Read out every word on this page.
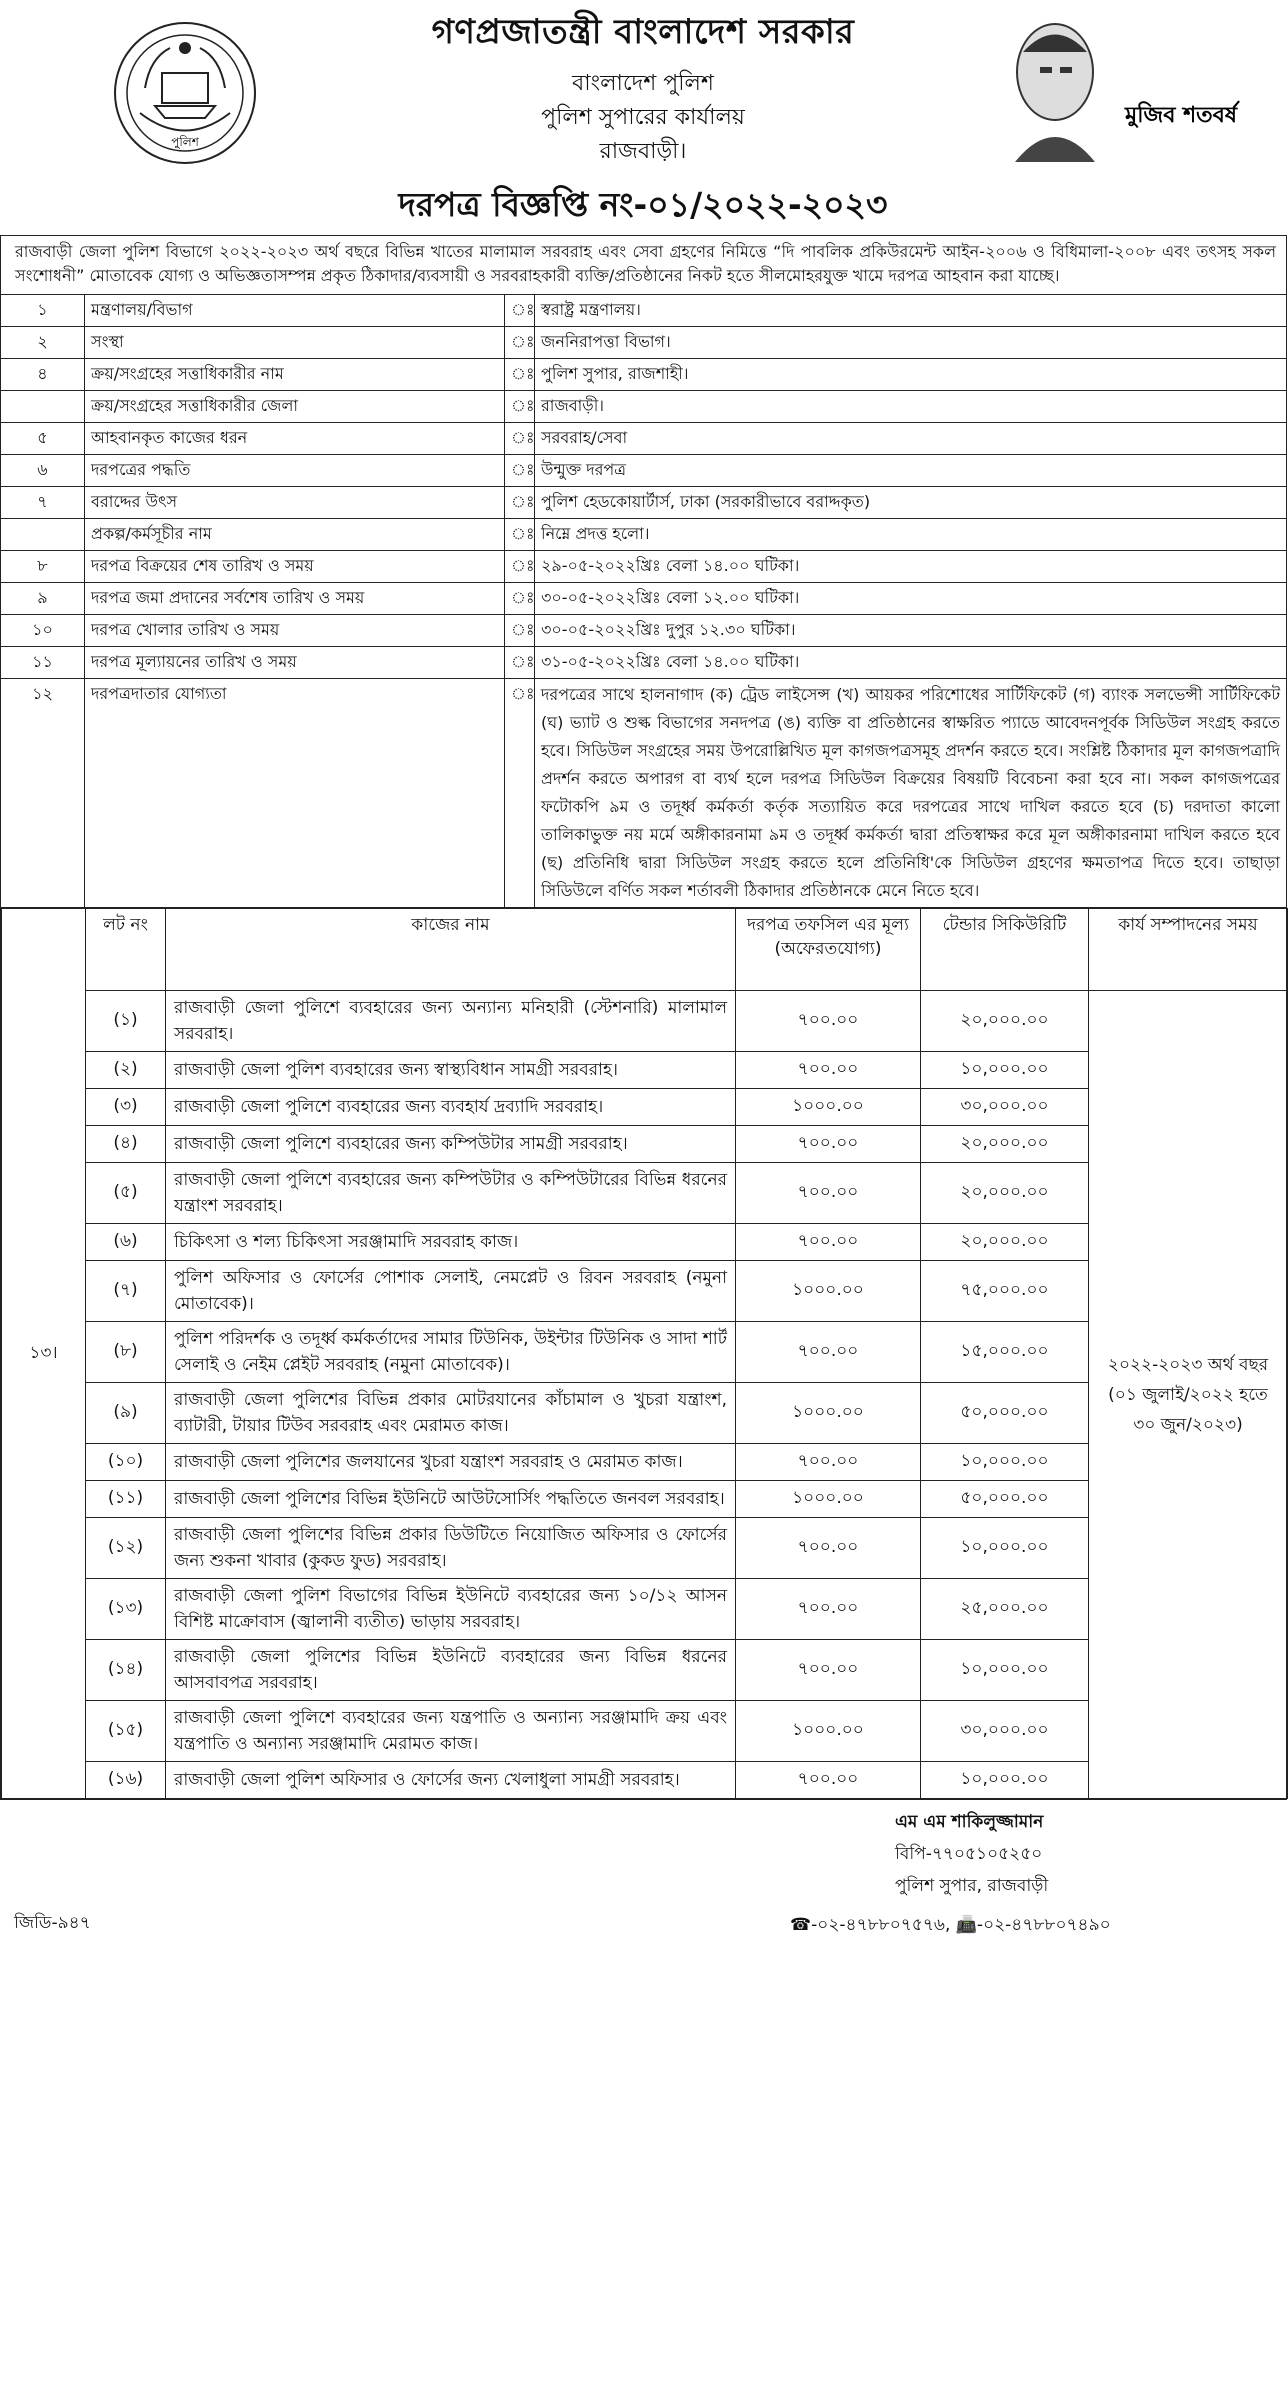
পুলিশ
গণপ্রজাতন্ত্রী বাংলাদেশ সরকার
বাংলাদেশ পুলিশ
পুলিশ সুপারের কার্যালয়
রাজবাড়ী।
মুজিব শতবর্ষ
দরপত্র বিজ্ঞপ্তি নং-০১/২০২২-২০২৩
রাজবাড়ী জেলা পুলিশ বিভাগে ২০২২-২০২৩ অর্থ বছরে বিভিন্ন খাতের মালামাল সরবরাহ এবং সেবা গ্রহণের নিমিত্তে “দি পাবলিক প্রকিউরমেন্ট আইন-২০০৬ ও বিধিমালা-২০০৮ এবং তৎসহ সকল সংশোধনী” মোতাবেক যোগ্য ও অভিজ্ঞতাসম্পন্ন প্রকৃত ঠিকাদার/ব্যবসায়ী ও সরবরাহকারী ব্যক্তি/প্রতিষ্ঠানের নিকট হতে সীলমোহরযুক্ত খামে দরপত্র আহবান করা যাচ্ছে।
১	মন্ত্রণালয়/বিভাগ	ঃ	স্বরাষ্ট্র মন্ত্রণালয়।
২	সংস্থা	ঃ	জননিরাপত্তা বিভাগ।
৪	ক্রয়/সংগ্রহের সত্তাধিকারীর নাম	ঃ	পুলিশ সুপার, রাজশাহী।
	ক্রয়/সংগ্রহের সত্তাধিকারীর জেলা	ঃ	রাজবাড়ী।
৫	আহবানকৃত কাজের ধরন	ঃ	সরবরাহ/সেবা
৬	দরপত্রের পদ্ধতি	ঃ	উন্মুক্ত দরপত্র
৭	বরাদ্দের উৎস	ঃ	পুলিশ হেডকোয়ার্টার্স, ঢাকা (সরকারীভাবে বরাদ্দকৃত)
	প্রকল্প/কর্মসূচীর নাম	ঃ	নিম্নে প্রদত্ত হলো।
৮	দরপত্র বিক্রয়ের শেষ তারিখ ও সময়	ঃ	২৯-০৫-২০২২খ্রিঃ বেলা ১৪.০০ ঘটিকা।
৯	দরপত্র জমা প্রদানের সর্বশেষ তারিখ ও সময়	ঃ	৩০-০৫-২০২২খ্রিঃ বেলা ১২.০০ ঘটিকা।
১০	দরপত্র খোলার তারিখ ও সময়	ঃ	৩০-০৫-২০২২খ্রিঃ দুপুর ১২.৩০ ঘটিকা।
১১	দরপত্র মূল্যায়নের তারিখ ও সময়	ঃ	৩১-০৫-২০২২খ্রিঃ বেলা ১৪.০০ ঘটিকা।
১২	দরপত্রদাতার যোগ্যতা	ঃ	দরপত্রের সাথে হালনাগাদ (ক) ট্রেড লাইসেন্স (খ) আয়কর পরিশোধের সার্টিফিকেট (গ) ব্যাংক সলভেন্সী সার্টিফিকেট (ঘ) ভ্যাট ও শুল্ক বিভাগের সনদপত্র (ঙ) ব্যক্তি বা প্রতিষ্ঠানের স্বাক্ষরিত প্যাডে আবেদনপূর্বক সিডিউল সংগ্রহ করতে হবে। সিডিউল সংগ্রহের সময় উপরোল্লিখিত মূল কাগজপত্রসমূহ প্রদর্শন করতে হবে। সংশ্লিষ্ট ঠিকাদার মূল কাগজপত্রাদি প্রদর্শন করতে অপারগ বা ব্যর্থ হলে দরপত্র সিডিউল বিক্রয়ের বিষয়টি বিবেচনা করা হবে না। সকল কাগজপত্রের ফটোকপি ৯ম ও তদূর্ধ্ব কর্মকর্তা কর্তৃক সত্যায়িত করে দরপত্রের সাথে দাখিল করতে হবে (চ) দরদাতা কালো তালিকাভুক্ত নয় মর্মে অঙ্গীকারনামা ৯ম ও তদূর্ধ্ব কর্মকর্তা দ্বারা প্রতিস্বাক্ষর করে মূল অঙ্গীকারনামা দাখিল করতে হবে (ছ) প্রতিনিধি দ্বারা সিডিউল সংগ্রহ করতে হলে প্রতিনিধি'কে সিডিউল গ্রহণের ক্ষমতাপত্র দিতে হবে। তাছাড়া সিডিউলে বর্ণিত সকল শর্তাবলী ঠিকাদার প্রতিষ্ঠানকে মেনে নিতে হবে।

১৩।	লট নং	কাজের নাম	দরপত্র তফসিল এর মূল্য (অফেরতযোগ্য)	টেন্ডার সিকিউরিটি	কার্য সম্পাদনের সময়
(১)	রাজবাড়ী জেলা পুলিশে ব্যবহারের জন্য অন্যান্য মনিহারী (স্টেশনারি) মালামাল সরবরাহ।	৭০০.০০	২০,০০০.০০	২০২২-২০২৩ অর্থ বছর (০১ জুলাই/২০২২ হতে ৩০ জুন/২০২৩)
(২)	রাজবাড়ী জেলা পুলিশ ব্যবহারের জন্য স্বাস্থ্যবিধান সামগ্রী সরবরাহ।	৭০০.০০	১০,০০০.০০
(৩)	রাজবাড়ী জেলা পুলিশে ব্যবহারের জন্য ব্যবহার্য দ্রব্যাদি সরবরাহ।	১০০০.০০	৩০,০০০.০০
(৪)	রাজবাড়ী জেলা পুলিশে ব্যবহারের জন্য কম্পিউটার সামগ্রী সরবরাহ।	৭০০.০০	২০,০০০.০০
(৫)	রাজবাড়ী জেলা পুলিশে ব্যবহারের জন্য কম্পিউটার ও কম্পিউটারের বিভিন্ন ধরনের যন্ত্রাংশ সরবরাহ।	৭০০.০০	২০,০০০.০০
(৬)	চিকিৎসা ও শল্য চিকিৎসা সরঞ্জামাদি সরবরাহ কাজ।	৭০০.০০	২০,০০০.০০
(৭)	পুলিশ অফিসার ও ফোর্সের পোশাক সেলাই, নেমপ্লেট ও রিবন সরবরাহ (নমুনা মোতাবেক)।	১০০০.০০	৭৫,০০০.০০
(৮)	পুলিশ পরিদর্শক ও তদূর্ধ্ব কর্মকর্তাদের সামার টিউনিক, উইন্টার টিউনিক ও সাদা শার্ট সেলাই ও নেইম প্লেইট সরবরাহ (নমুনা মোতাবেক)।	৭০০.০০	১৫,০০০.০০
(৯)	রাজবাড়ী জেলা পুলিশের বিভিন্ন প্রকার মোটরযানের কাঁচামাল ও খুচরা যন্ত্রাংশ, ব্যাটারী, টায়ার টিউব সরবরাহ এবং মেরামত কাজ।	১০০০.০০	৫০,০০০.০০
(১০)	রাজবাড়ী জেলা পুলিশের জলযানের খুচরা যন্ত্রাংশ সরবরাহ ও মেরামত কাজ।	৭০০.০০	১০,০০০.০০
(১১)	রাজবাড়ী জেলা পুলিশের বিভিন্ন ইউনিটে আউটসোর্সিং পদ্ধতিতে জনবল সরবরাহ।	১০০০.০০	৫০,০০০.০০
(১২)	রাজবাড়ী জেলা পুলিশের বিভিন্ন প্রকার ডিউটিতে নিয়োজিত অফিসার ও ফোর্সের জন্য শুকনা খাবার (কুকড ফুড) সরবরাহ।	৭০০.০০	১০,০০০.০০
(১৩)	রাজবাড়ী জেলা পুলিশ বিভাগের বিভিন্ন ইউনিটে ব্যবহারের জন্য ১০/১২ আসন বিশিষ্ট মাক্রোবাস (জ্বালানী ব্যতীত) ভাড়ায় সরবরাহ।	৭০০.০০	২৫,০০০.০০
(১৪)	রাজবাড়ী জেলা পুলিশের বিভিন্ন ইউনিটে ব্যবহারের জন্য বিভিন্ন ধরনের আসবাবপত্র সরবরাহ।	৭০০.০০	১০,০০০.০০
(১৫)	রাজবাড়ী জেলা পুলিশে ব্যবহারের জন্য যন্ত্রপাতি ও অন্যান্য সরঞ্জামাদি ক্রয় এবং যন্ত্রপাতি ও অন্যান্য সরঞ্জামাদি মেরামত কাজ।	১০০০.০০	৩০,০০০.০০
(১৬)	রাজবাড়ী জেলা পুলিশ অফিসার ও ফোর্সের জন্য খেলাধুলা সামগ্রী সরবরাহ।	৭০০.০০	১০,০০০.০০
এম এম শাকিলুজ্জামান
বিপি-৭৭০৫১০৫২৫০
পুলিশ সুপার, রাজবাড়ী
জিডি-৯৪৭	☎-০২-৪৭৮৮০৭৫৭৬, 📠-০২-৪৭৮৮০৭৪৯০
